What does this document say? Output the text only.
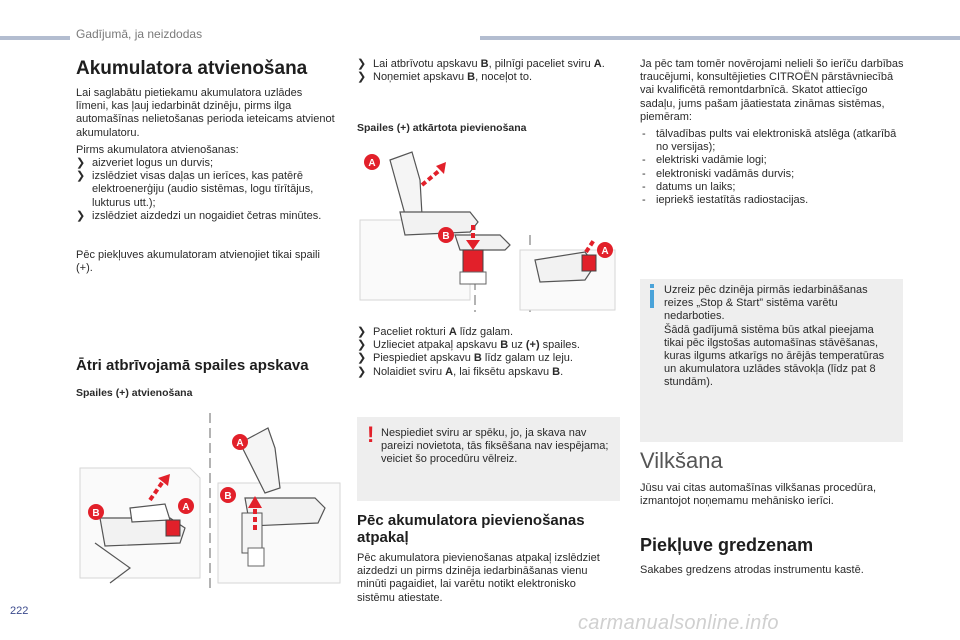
Gadījumā, ja neizdodas
222
carmanualsonline.info
Akumulatora atvienošana

Lai saglabātu pietiekamu akumulatora uzlādes līmeni, kas ļauj iedarbināt dzinēju, pirms ilga automašīnas nelietošanas perioda ieteicams atvienot akumulatoru.

Pirms akumulatora atvienošanas:

❯ aizveriet logus un durvis;
❯ izslēdziet visas daļas un ierīces, kas patērē elektroenerģiju (audio sistēmas, logu tīrītājus, lukturus utt.);
❯ izslēdziet aizdedzi un nogaidiet četras minūtes.

Pēc piekļuves akumulatoram atvienojiet tikai spaili (+).

Ātri atbrīvojamā spailes apskava
Spailes (+) atvienošana
A
B
B
A
❯ Lai atbrīvotu apskavu B, pilnīgi paceliet sviru A.
❯ Noņemiet apskavu B, noceļot to.
Spailes (+) atkārtota pievienošana
A
B
A
❯ Paceliet rokturi A līdz galam.
❯ Uzlieciet atpakaļ apskavu B uz (+) spailes.
❯ Piespiediet apskavu B līdz galam uz leju.
❯ Nolaidiet sviru A, lai fiksētu apskavu B.
! Nespiediet sviru ar spēku, jo, ja skava nav pareizi novietota, tās fiksēšana nav iespējama; veiciet šo procedūru vēlreiz.

Pēc akumulatora pievienošanas atpakaļ

Pēc akumulatora pievienošanas atpakaļ izslēdziet aizdedzi un pirms dzinēja iedarbināšanas vienu minūti pagaidiet, lai varētu notikt elektronisko sistēmu atiestate.

Ja pēc tam tomēr novērojami nelieli šo ierīču darbības traucējumi, konsultējieties CITROËN pārstāvniecībā vai kvalificētā remontdarbnīcā. Skatot attiecīgo sadaļu, jums pašam jāatiestata zināmas sistēmas, piemēram:

- tālvadības pults vai elektroniskā atslēga (atkarībā no versijas);
- elektriski vadāmie logi;
- elektroniski vadāmās durvis;
- datums un laiks;
- iepriekš iestatītās radiostacijas.

Uzreiz pēc dzinēja pirmās iedarbināšanas reizes „Stop & Start” sistēma varētu nedarboties.
Šādā gadījumā sistēma būs atkal pieejama tikai pēc ilgstošas automašīnas stāvēšanas, kuras ilgums atkarīgs no ārējās temperatūras un akumulatora uzlādes stāvokļa (līdz pat 8 stundām).

Vilkšana

Jūsu vai citas automašīnas vilkšanas procedūra, izmantojot noņemamu mehānisko ierīci.

Piekļuve gredzenam

Sakabes gredzens atrodas instrumentu kastē.
